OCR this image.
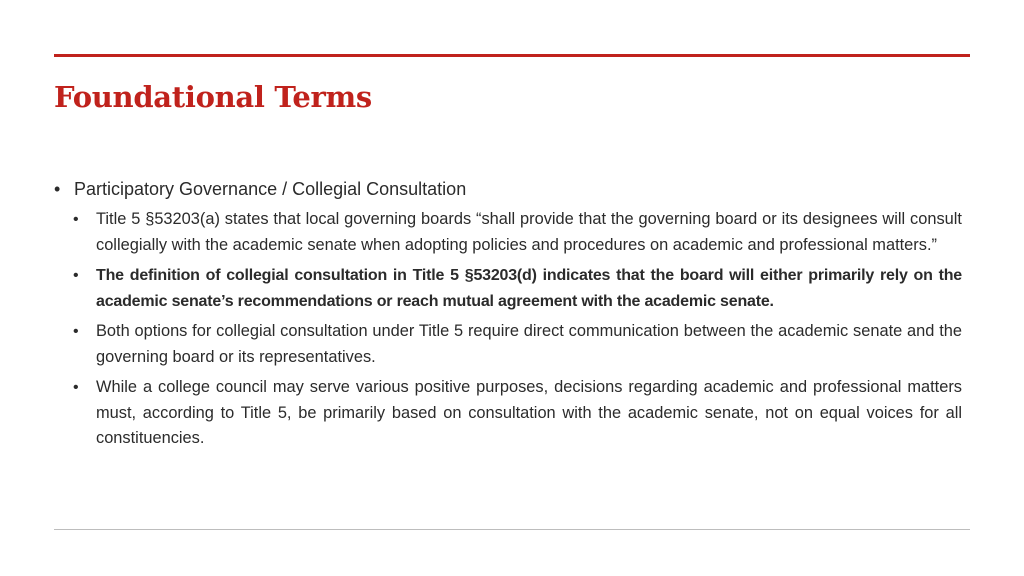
Foundational Terms
• Participatory Governance / Collegial Consultation
•	Title 5 §53203(a) states that local governing boards “shall provide that the governing board or its designees will consult collegially with the academic senate when adopting policies and procedures on academic and professional matters.”
•	The definition of collegial consultation in Title 5 §53203(d) indicates that the board will either primarily rely on the academic senate’s recommendations or reach mutual agreement with the academic senate.
•	Both options for collegial consultation under Title 5 require direct communication between the academic senate and the governing board or its representatives.
•	While a college council may serve various positive purposes, decisions regarding academic and professional matters must, according to Title 5, be primarily based on consultation with the academic senate, not on equal voices for all constituencies.
